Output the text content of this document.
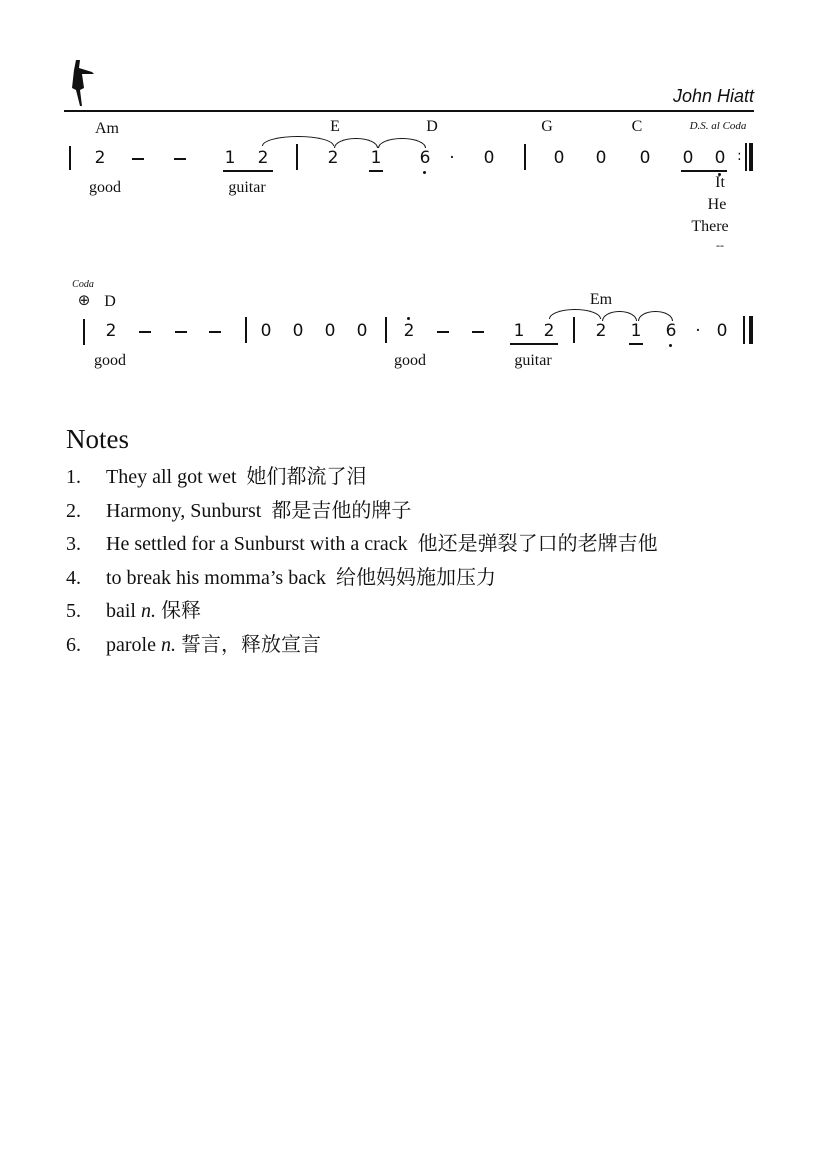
John Hiatt
Am	E	D	G	C	D.S. al Coda
2	1 2	2 1 6 · 0	0 0 0 0 0 :
good	guitar	It
He
There
--
Coda
⊕ D	Em
2	0 0 0 0 2	1 2 2 1 6 · 0
good	good	guitar
Notes
1. They all got wet 她们都流了泪
2. Harmony, Sunburst 都是吉他的牌子
3. He settled for a Sunburst with a crack 他还是弹裂了口的老牌吉他
4. to break his momma’s back 给他妈妈施加压力
5. bail n. 保释
6. parole n. 誓言，释放宣言
